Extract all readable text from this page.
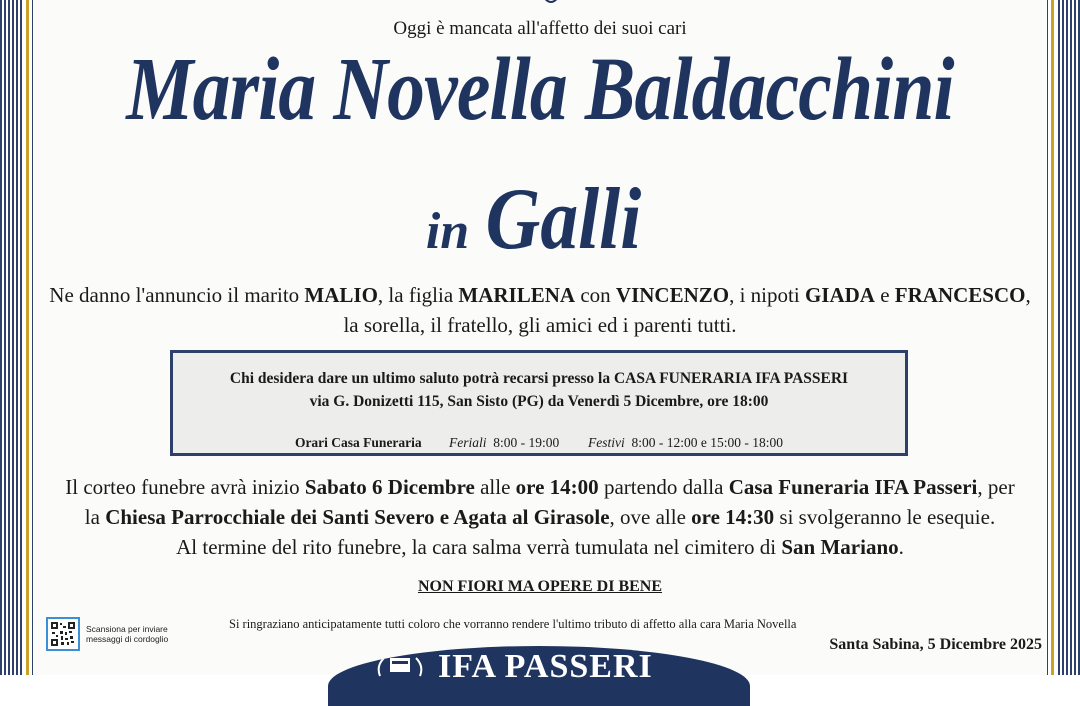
Oggi è mancata all'affetto dei suoi cari
Maria Novella Baldacchini
in Galli
Ne danno l'annuncio il marito MALIO, la figlia MARILENA con VINCENZO, i nipoti GIADA e FRANCESCO,
la sorella, il fratello, gli amici ed i parenti tutti.
Chi desidera dare un ultimo saluto potrà recarsi presso la CASA FUNERARIA IFA PASSERI
via G. Donizetti 115, San Sisto (PG) da Venerdì 5 Dicembre, ore 18:00
Orari Casa Funeraria Feriali 8:00 - 19:00 Festivi 8:00 - 12:00 e 15:00 - 18:00
Il corteo funebre avrà inizio Sabato 6 Dicembre alle ore 14:00 partendo dalla Casa Funeraria IFA Passeri, per
la Chiesa Parrocchiale dei Santi Severo e Agata al Girasole, ove alle ore 14:30 si svolgeranno le esequie.
Al termine del rito funebre, la cara salma verrà tumulata nel cimitero di San Mariano.
NON FIORI MA OPERE DI BENE
Si ringraziano anticipatamente tutti coloro che vorranno rendere l'ultimo tributo di affetto alla cara Maria Novella
Scansiona per inviare
messaggi di cordoglio	Santa Sabina, 5 Dicembre 2025
IFA PASSERI
